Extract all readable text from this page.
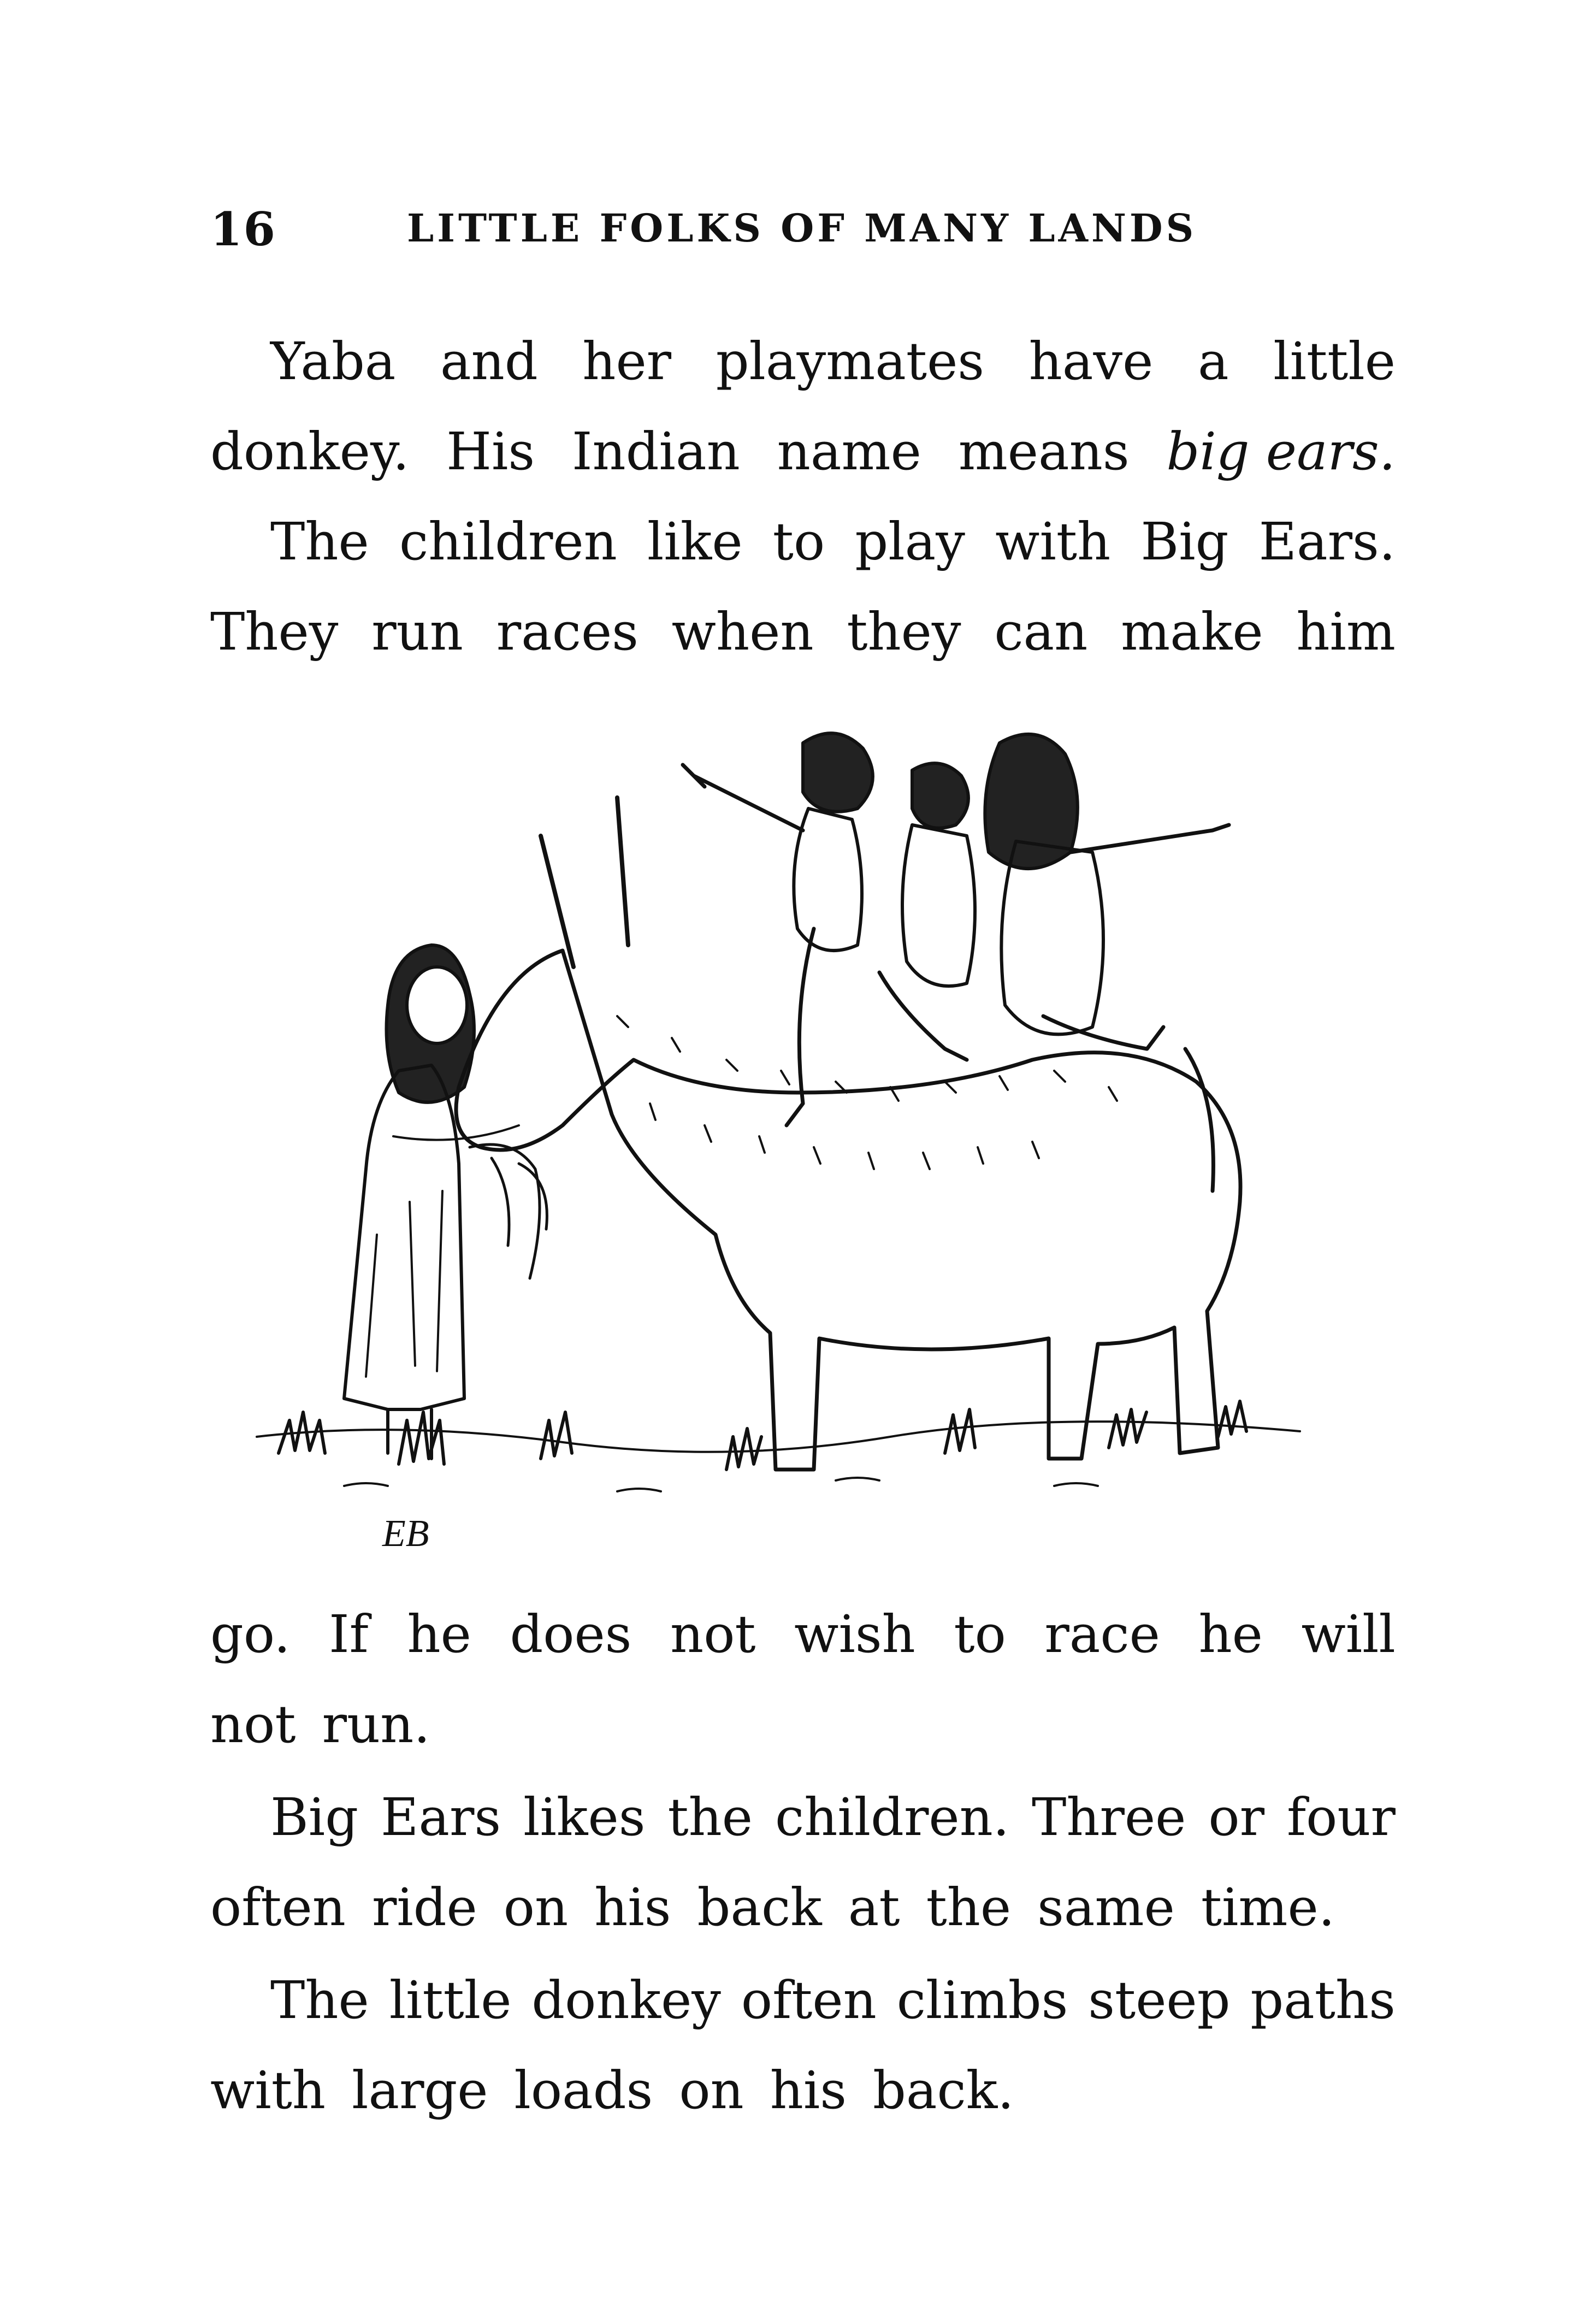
16	LITTLE FOLKS OF MANY LANDS
Yaba and her playmates have a little
donkey. His Indian name means big ears.
The children like to play with Big Ears.
They run races when they can make him
EB
go. If he does not wish to race he will
not run.
Big Ears likes the children. Three or four
often ride on his back at the same time.
The little donkey often climbs steep paths
with large loads on his back.
